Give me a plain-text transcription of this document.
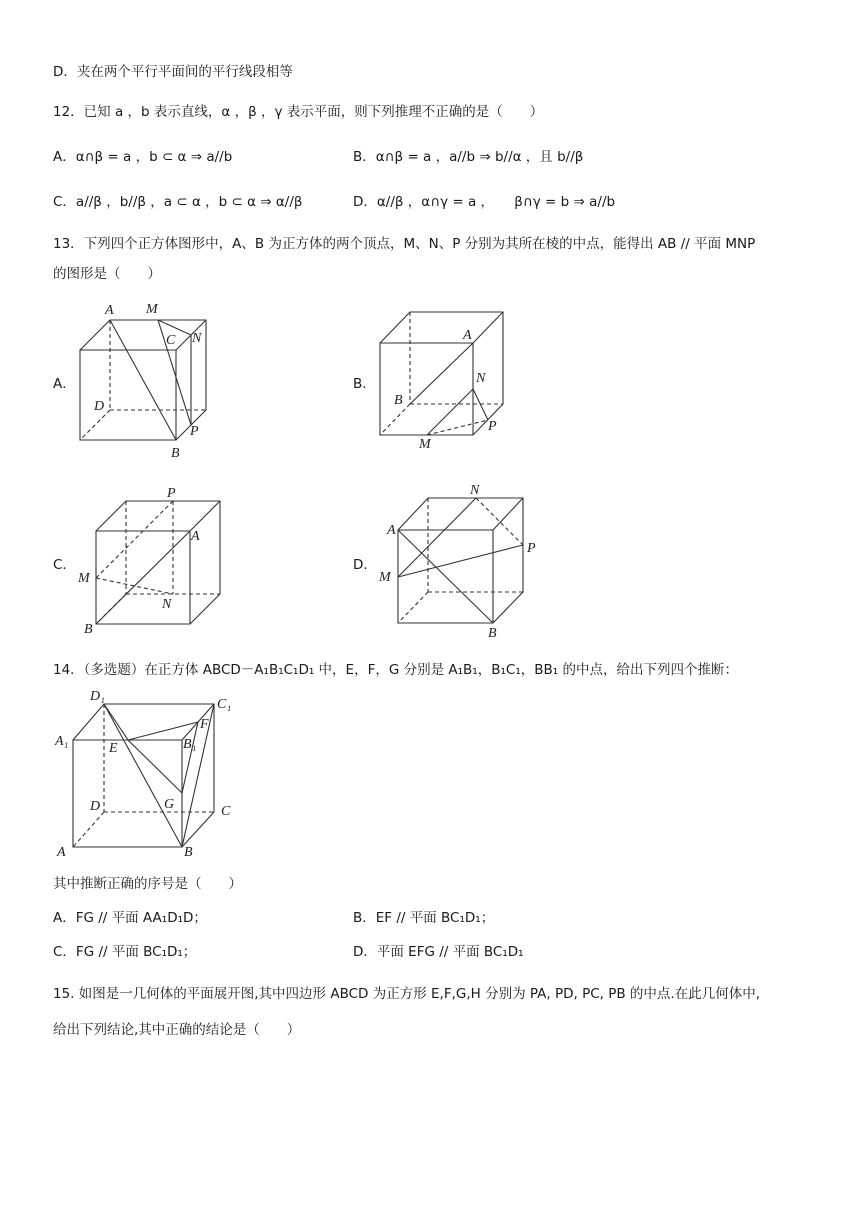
D．夹在两个平行平面间的平行线段相等
12．已知 a ，b 表示直线，α ，β ，γ 表示平面，则下列推理不正确的是（　　）
A．α∩β = a ，b ⊂ α ⇒ a//b	B．α∩β = a ，a//b ⇒ b//α ，且 b//β
C．a//β ，b//β ，a ⊂ α ，b ⊂ α ⇒ α//β	D．α//β ，α∩γ = a ，　　β∩γ = b ⇒ a//b
13．下列四个正方体图形中，A、B 为正方体的两个顶点，M、N、P 分别为其所在棱的中点，能得出 AB // 平面 MNP
的图形是（　　）
A．	B．
C．	D．
A M
C N
D
P
B
A
N
B
P
M
P
A
M
N
B
N
A
P
M
B
14．（多选题）在正方体 ABCD－A₁B₁C₁D₁ 中，E，F，G 分别是 A₁B₁，B₁C₁，BB₁ 的中点，给出下列四个推断：
D₁
C₁
F
A₁	E	B₁
D	G	C
A	B
其中推断正确的序号是（　　）
A．FG // 平面 AA₁D₁D；	B．EF // 平面 BC₁D₁；
C．FG // 平面 BC₁D₁；	D．平面 EFG // 平面 BC₁D₁
15. 如图是一几何体的平面展开图,其中四边形 ABCD 为正方形 E,F,G,H 分别为 PA, PD, PC, PB 的中点.在此几何体中,
给出下列结论,其中正确的结论是（　　）
